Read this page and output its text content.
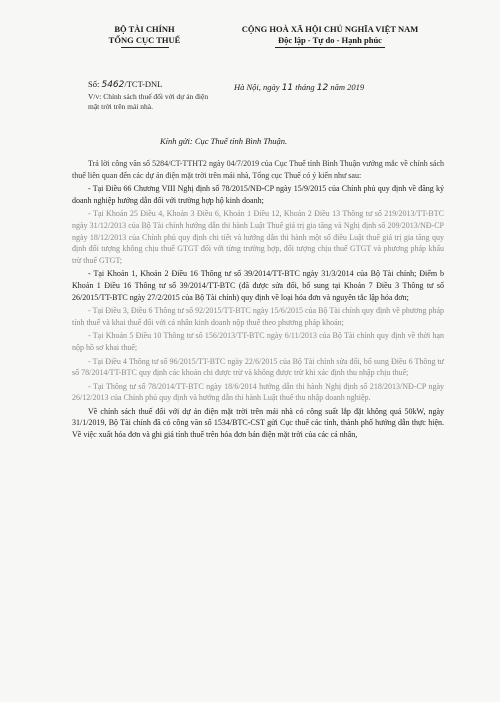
BỘ TÀI CHÍNH
TỔNG CỤC THUẾ
CỘNG HOÀ XÃ HỘI CHỦ NGHĨA VIỆT NAM
Độc lập - Tự do - Hạnh phúc
Số: 5462/TCT-DNL
V/v: Chính sách thuế đối với dự án điện mặt trời trên mái nhà.
Hà Nội, ngày 11 tháng 12 năm 2019
Kính gửi: Cục Thuế tỉnh Bình Thuận.

Trả lời công văn số 5284/CT-TTHT2 ngày 04/7/2019 của Cục Thuế tỉnh Bình Thuận vướng mắc về chính sách thuế liên quan đến các dự án điện mặt trời trên mái nhà, Tổng cục Thuế có ý kiến như sau:

- Tại Điều 66 Chương VIII Nghị định số 78/2015/NĐ-CP ngày 15/9/2015 của Chính phủ quy định về đăng ký doanh nghiệp hướng dẫn đối với trường hợp hộ kinh doanh;

- Tại Khoản 25 Điều 4, Khoản 3 Điều 6, Khoản 1 Điều 12, Khoản 2 Điều 13 Thông tư số 219/2013/TT-BTC ngày 31/12/2013 của Bộ Tài chính hướng dẫn thi hành Luật Thuế giá trị gia tăng và Nghị định số 209/2013/NĐ-CP ngày 18/12/2013 của Chính phủ quy định chi tiết và hướng dẫn thi hành một số điều Luật thuế giá trị gia tăng quy định đối tượng không chịu thuế GTGT đối với từng trường hợp, đối tượng chịu thuế GTGT và phương pháp khấu trừ thuế GTGT;

- Tại Khoản 1, Khoản 2 Điều 16 Thông tư số 39/2014/TT-BTC ngày 31/3/2014 của Bộ Tài chính; Điểm b Khoản 1 Điều 16 Thông tư số 39/2014/TT-BTC (đã được sửa đổi, bổ sung tại Khoản 7 Điều 3 Thông tư số 26/2015/TT-BTC ngày 27/2/2015 của Bộ Tài chính) quy định về loại hóa đơn và nguyên tắc lập hóa đơn;

- Tại Điều 3, Điều 6 Thông tư số 92/2015/TT-BTC ngày 15/6/2015 của Bộ Tài chính quy định về phương pháp tính thuế và khai thuế đối với cá nhân kinh doanh nộp thuế theo phương pháp khoán;

- Tại Khoản 5 Điều 10 Thông tư số 156/2013/TT-BTC ngày 6/11/2013 của Bộ Tài chính quy định về thời hạn nộp hồ sơ khai thuế;

- Tại Điều 4 Thông tư số 96/2015/TT-BTC ngày 22/6/2015 của Bộ Tài chính sửa đổi, bổ sung Điều 6 Thông tư số 78/2014/TT-BTC quy định các khoản chi được trừ và không được trừ khi xác định thu nhập chịu thuế;

- Tại Thông tư số 78/2014/TT-BTC ngày 18/6/2014 hướng dẫn thi hành Nghị định số 218/2013/NĐ-CP ngày 26/12/2013 của Chính phủ quy định và hướng dẫn thi hành Luật thuế thu nhập doanh nghiệp.

Về chính sách thuế đối với dự án điện mặt trời trên mái nhà có công suất lắp đặt không quá 50kW, ngày 31/1/2019, Bộ Tài chính đã có công văn số 1534/BTC-CST gửi Cục thuế các tỉnh, thành phố hướng dẫn thực hiện. Về việc xuất hóa đơn và ghi giá tính thuế trên hóa đơn bán điện mặt trời của các cá nhân,
